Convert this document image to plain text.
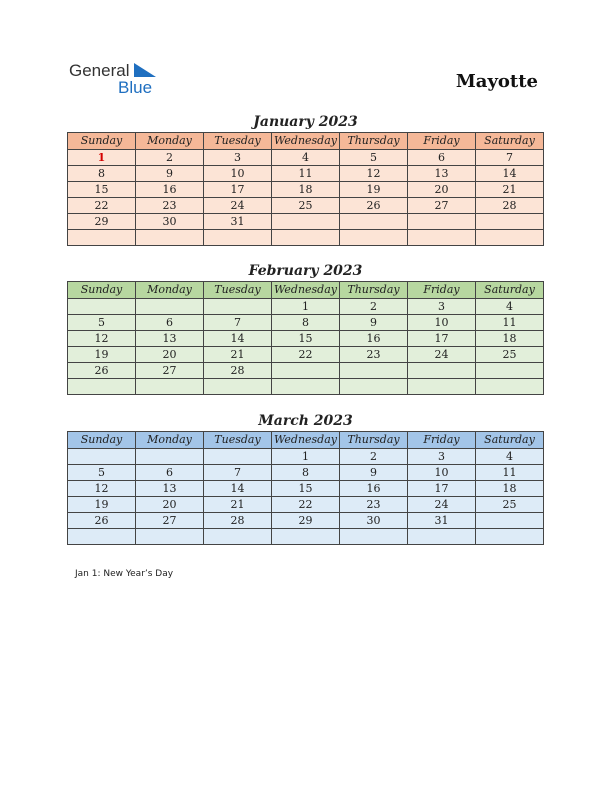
General
Blue	Mayotte
January 2023
Sunday	Monday	Tuesday	Wednesday	Thursday	Friday	Saturday
1	2	3	4	5	6	7
8	9	10	11	12	13	14
15	16	17	18	19	20	21
22	23	24	25	26	27	28
29	30	31				

February 2023
Sunday	Monday	Tuesday	Wednesday	Thursday	Friday	Saturday
			1	2	3	4
5	6	7	8	9	10	11
12	13	14	15	16	17	18
19	20	21	22	23	24	25
26	27	28				

March 2023
Sunday	Monday	Tuesday	Wednesday	Thursday	Friday	Saturday
			1	2	3	4
5	6	7	8	9	10	11
12	13	14	15	16	17	18
19	20	21	22	23	24	25
26	27	28	29	30	31	

Jan 1: New Year’s Day
